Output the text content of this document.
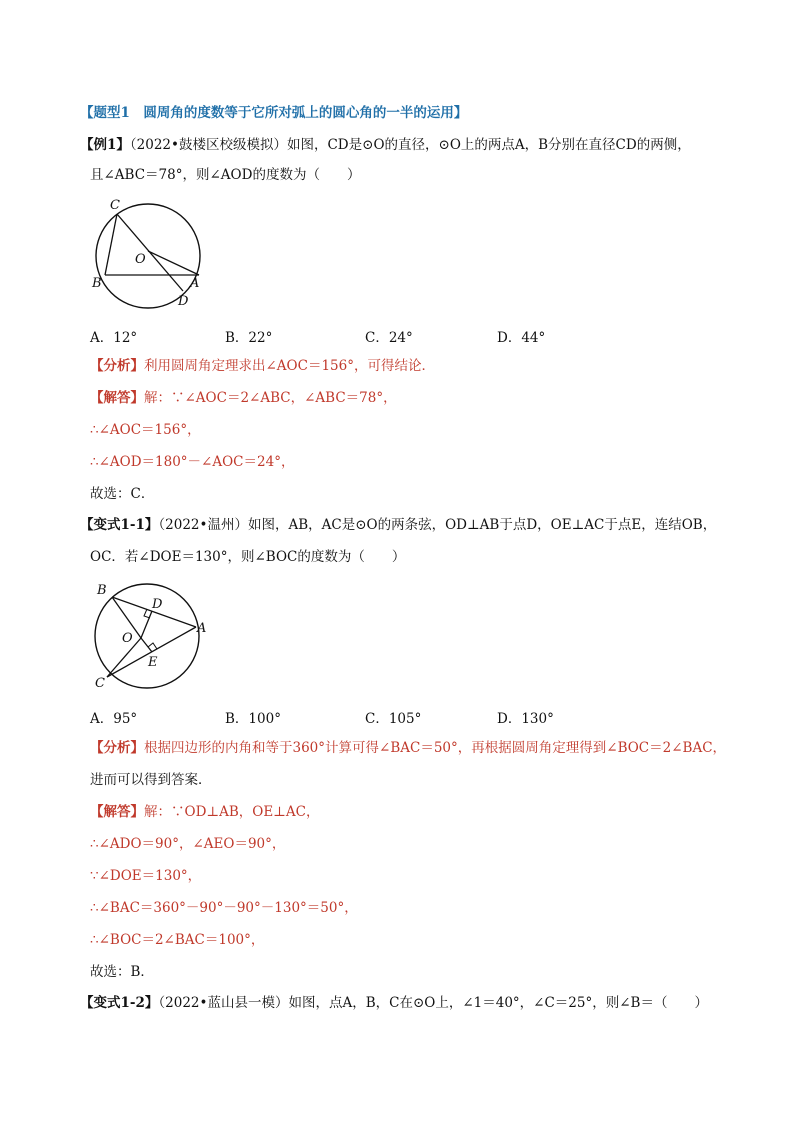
【题型1　圆周角的度数等于它所对弧上的圆心角的一半的运用】
【例1】（2022•鼓楼区校级模拟）如图，CD是⊙O的直径，⊙O上的两点A，B分别在直径CD的两侧，
且∠ABC＝78°，则∠AOD的度数为（　　）
C
O
B	A
D
A．12°	B．22°	C．24°	D．44°
【分析】利用圆周角定理求出∠AOC＝156°，可得结论．
【解答】解：∵∠AOC＝2∠ABC，∠ABC＝78°，
∴∠AOC＝156°，
∴∠AOD＝180°－∠AOC＝24°，
故选：C．
【变式1-1】（2022•温州）如图，AB，AC是⊙O的两条弦，OD⊥AB于点D，OE⊥AC于点E，连结OB，
OC．若∠DOE＝130°，则∠BOC的度数为（　　）
B
D
A
O
E
C
A．95°	B．100°	C．105°	D．130°
【分析】根据四边形的内角和等于360°计算可得∠BAC＝50°，再根据圆周角定理得到∠BOC＝2∠BAC，
进而可以得到答案．
【解答】解：∵OD⊥AB，OE⊥AC，
∴∠ADO＝90°，∠AEO＝90°，
∵∠DOE＝130°，
∴∠BAC＝360°－90°－90°－130°＝50°，
∴∠BOC＝2∠BAC＝100°，
故选：B．
【变式1-2】（2022•蓝山县一模）如图，点A，B，C在⊙O上，∠1＝40°，∠C＝25°，则∠B＝（　　）
